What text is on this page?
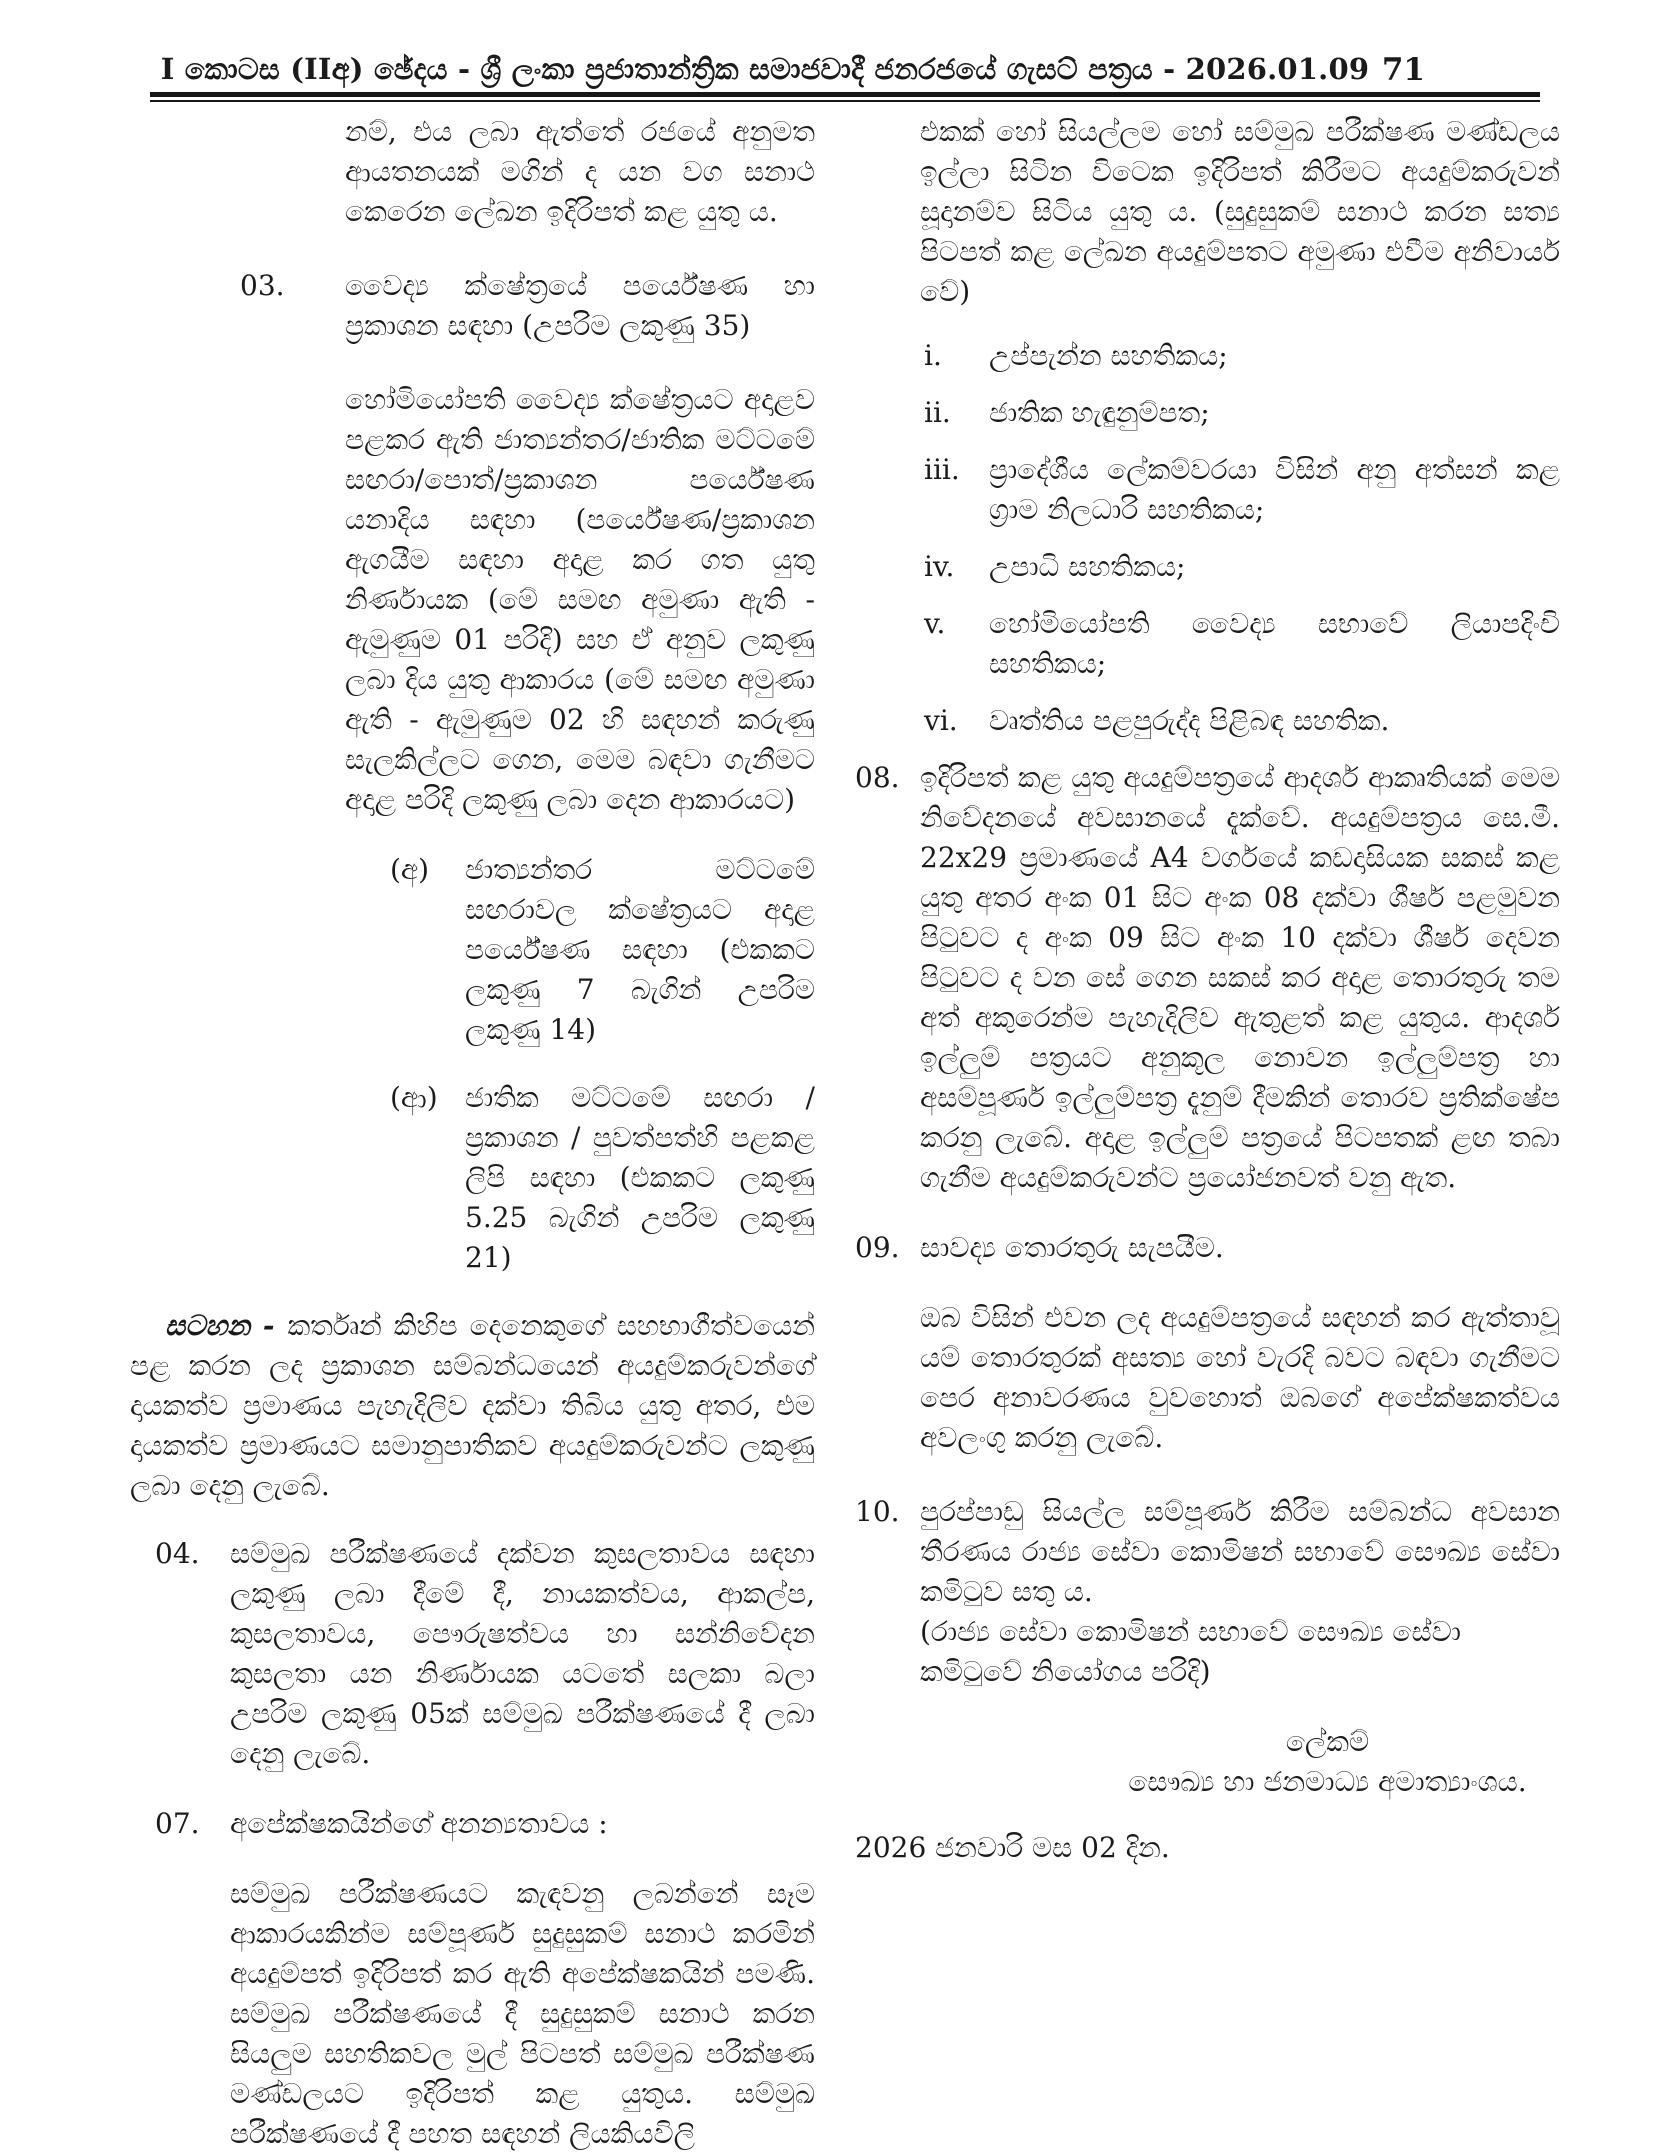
I කොටස (IIඅ) ඡේදය - ශ්‍රී ලංකා ප්‍රජාතාන්ත්‍රික සමාජවාදී ජනරජයේ ගැසට් පත්‍රය - 2026.01.09 71

නම්, එය ලබා ඇත්තේ රජයේ අනුමත ආයතනයක් මගින් ද යන වග සනාථ කෙරෙන ලේඛන ඉදිරිපත් කළ යුතු ය.

03.	වෛද්‍ය ක්ෂේත්‍රයේ පර්යේෂණ හා ප්‍රකාශන සඳහා (උපරිම ලකුණු 35)

හෝමියෝපති වෛද්‍ය ක්ෂේත්‍රයට අදාළව පළකර ඇති ජාත්‍යන්තර/ජාතික මට්ටමේ සඟරා/පොත්/ප්‍රකාශන පර්යේෂණ යනාදිය සඳහා (පර්යේෂණ/ප්‍රකාශන ඇගයීම සඳහා අදාළ කර ගත යුතු නිර්ණායක (මේ සමඟ අමුණා ඇති - ඇමුණුම 01 පරිදි) සහ ඒ අනුව ලකුණු ලබා දිය යුතු ආකාරය (මේ සමඟ අමුණා ඇති - ඇමුණුම 02 හි සඳහන් කරුණු සැලකිල්ලට ගෙන, මෙම බඳවා ගැනීමට අදාළ පරිදි ලකුණු ලබා දෙන ආකාරයට)

(අ)	ජාත්‍යන්තර මට්ටමේ සඟරාවල ක්ෂේත්‍රයට අදාළ පර්යේෂණ සඳහා (එකකට ලකුණු 7 බැගින් උපරිම ලකුණු 14)
(ආ) ජාතික මට්ටමේ සඟරා / ප්‍රකාශන / පුවත්පත්හි පළකළ ලිපි සඳහා (එකකට ලකුණු 5.25 බැගින් උපරිම ලකුණු 21)

සටහන - කර්තෘන් කිහිප දෙනෙකුගේ සහභාගීත්වයෙන් පළ කරන ලද ප්‍රකාශන සම්බන්ධයෙන් අයදුම්කරුවන්ගේ දායකත්ව ප්‍රමාණය පැහැදිලිව දක්වා තිබිය යුතු අතර, එම දායකත්ව ප්‍රමාණයට සමානුපාතිකව අයදුම්කරුවන්ට ලකුණු ලබා දෙනු ලැබේ.

04.	සම්මුඛ පරීක්ෂණයේ දක්වන කුසලතාවය සඳහා ලකුණු ලබා දීමේ දී, නායකත්වය, ආකල්ප, කුසලතාවය, පෞරුෂත්වය හා සන්නිවේදන කුසලතා යන නිර්ණායක යටතේ සලකා බලා උපරිම ලකුණු 05ක් සම්මුඛ පරීක්ෂණයේ දී ලබා දෙනු ලැබේ.
07.	අපේක්ෂකයින්ගේ අනන්‍යතාවය :

සම්මුඛ පරීක්ෂණයට කැඳවනු ලබන්නේ සෑම ආකාරයකින්ම සම්පූර්ණ සුදුසුකම් සනාථ කරමින් අයදුම්පත් ඉදිරිපත් කර ඇති අපේක්ෂකයින් පමණි. සම්මුඛ පරීක්ෂණයේ දී සුදුසුකම් සනාථ කරන සියලුම සහතිකවල මුල් පිටපත් සම්මුඛ පරීක්ෂණ මණ්ඩලයට ඉදිරිපත් කළ යුතුය. සම්මුඛ පරීක්ෂණයේ දී පහත සඳහන් ලියකියවිලි

එකක් හෝ සියල්ලම හෝ සම්මුඛ පරීක්ෂණ මණ්ඩලය ඉල්ලා සිටින විටෙක ඉදිරිපත් කිරීමට අයදුම්කරුවන් සූදානම්ව සිටිය යුතු ය. (සුදුසුකම් සනාථ කරන සත්‍ය පිටපත් කළ ලේඛන අයදුම්පතට අමුණා එවීම අනිවාර්ය වේ)

i.	උප්පැන්න සහතිකය;
ii.	ජාතික හැඳුනුම්පත;
iii.	ප්‍රාදේශීය ලේකම්වරයා විසින් අනු අත්සන් කළ ග්‍රාම නිලධාරි සහතිකය;
iv.	උපාධි සහතිකය;
v.	හෝමියෝපති වෛද්‍ය සභාවේ ලියාපදිංචි සහතිකය;
vi.	වෘත්තිය පළපුරුද්ද පිළිබඳ සහතික.
08. ඉදිරිපත් කළ යුතු අයදුම්පත්‍රයේ ආදර්ශ ආකෘතියක් මෙම නිවේදනයේ අවසානයේ දැක්වේ. අයදුම්පත්‍රය සෙ.මී. 22x29 ප්‍රමාණයේ A4 වර්ගයේ කඩදාසියක සකස් කළ යුතු අතර අංක 01 සිට අංක 08 දක්වා ශීර්ෂ පළමුවන පිටුවට ද අංක 09 සිට අංක 10 දක්වා ශීර්ෂ දෙවන පිටුවට ද වන සේ ගෙන සකස් කර අදාළ තොරතුරු තම අත් අකුරෙන්ම පැහැදිලිව ඇතුළත් කළ යුතුය. ආදර්ශ ඉල්ලුම් පත්‍රයට අනුකූල නොවන ඉල්ලුම්පත්‍ර හා අසම්පූර්ණ ඉල්ලුම්පත්‍ර දැනුම් දීමකින් තොරව ප්‍රතික්ෂේප කරනු ලැබේ. අදාළ ඉල්ලුම් පත්‍රයේ පිටපතක් ළඟ තබා ගැනීම අයදුම්කරුවන්ට ප්‍රයෝජනවත් වනු ඇත.
09. සාවද්‍ය තොරතුරු සැපයීම.

ඔබ විසින් එවන ලද අයදුම්පත්‍රයේ සඳහන් කර ඇත්තාවූ යම් තොරතුරක් අසත්‍ය හෝ වැරදි බවට බඳවා ගැනීමට පෙර අනාවරණය වුවහොත් ඔබගේ අපේක්ෂකත්වය අවලංගු කරනු ලැබේ.

10. පුරප්පාඩු සියල්ල සම්පූර්ණ කිරීම සම්බන්ධ අවසාන තීරණය රාජ්‍ය සේවා කොමිෂන් සභාවේ සෞඛ්‍ය සේවා කමිටුව සතු ය.
(රාජ්‍ය සේවා කොමිෂන් සභාවේ සෞඛ්‍ය සේවා කමිටුවේ නියෝගය පරිදි)
ලේකම්
සෞඛ්‍ය හා ජනමාධ්‍ය අමාත්‍යාංශය.

2026 ජනවාරි මස 02 දින.
